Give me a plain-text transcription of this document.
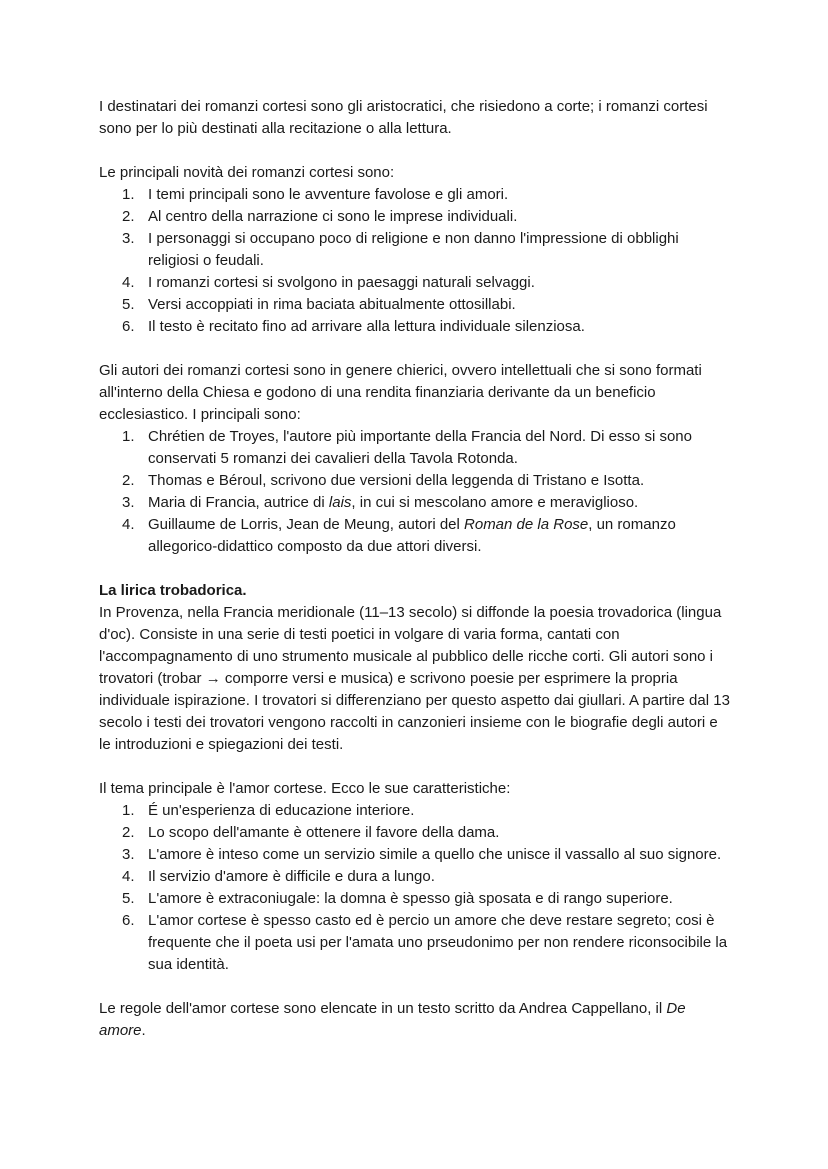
I destinatari dei romanzi cortesi sono gli aristocratici, che risiedono a corte; i romanzi cortesi sono per lo più destinati alla recitazione o alla lettura.

Le principali novità dei romanzi cortesi sono:

I temi principali sono le avventure favolose e gli amori.
Al centro della narrazione ci sono le imprese individuali.
I personaggi si occupano poco di religione e non danno l'impressione di obblighi religiosi o feudali.
I romanzi cortesi si svolgono in paesaggi naturali selvaggi.
Versi accoppiati in rima baciata abitualmente ottosillabi.
Il testo è recitato fino ad arrivare alla lettura individuale silenziosa.

Gli autori dei romanzi cortesi sono in genere chierici, ovvero intellettuali che si sono formati all'interno della Chiesa e godono di una rendita finanziaria derivante da un beneficio ecclesiastico. I principali sono:

Chrétien de Troyes, l'autore più importante della Francia del Nord. Di esso si sono conservati 5 romanzi dei cavalieri della Tavola Rotonda.
Thomas e Béroul, scrivono due versioni della leggenda di Tristano e Isotta.
Maria di Francia, autrice di lais, in cui si mescolano amore e meraviglioso.
Guillaume de Lorris, Jean de Meung, autori del Roman de la Rose, un romanzo allegorico-didattico composto da due attori diversi.

La lirica trobadorica.

In Provenza, nella Francia meridionale (11–13 secolo) si diffonde la poesia trovadorica (lingua d'oc). Consiste in una serie di testi poetici in volgare di varia forma, cantati con l'accompagnamento di uno strumento musicale al pubblico delle ricche corti. Gli autori sono i trovatori (trobar → comporre versi e musica) e scrivono poesie per esprimere la propria individuale ispirazione. I trovatori si differenziano per questo aspetto dai giullari. A partire dal 13 secolo i testi dei trovatori vengono raccolti in canzonieri insieme con le biografie degli autori e le introduzioni e spiegazioni dei testi.

Il tema principale è l'amor cortese. Ecco le sue caratteristiche:

É un'esperienza di educazione interiore.
Lo scopo dell'amante è ottenere il favore della dama.
L'amore è inteso come un servizio simile a quello che unisce il vassallo al suo signore.
Il servizio d'amore è difficile e dura a lungo.
L'amore è extraconiugale: la domna è spesso già sposata e di rango superiore.
L'amor cortese è spesso casto ed è percio un amore che deve restare segreto; cosi è frequente che il poeta usi per l'amata uno prseudonimo per non rendere riconsocibile la sua identità.

Le regole dell'amor cortese sono elencate in un testo scritto da Andrea Cappellano, il De amore.
